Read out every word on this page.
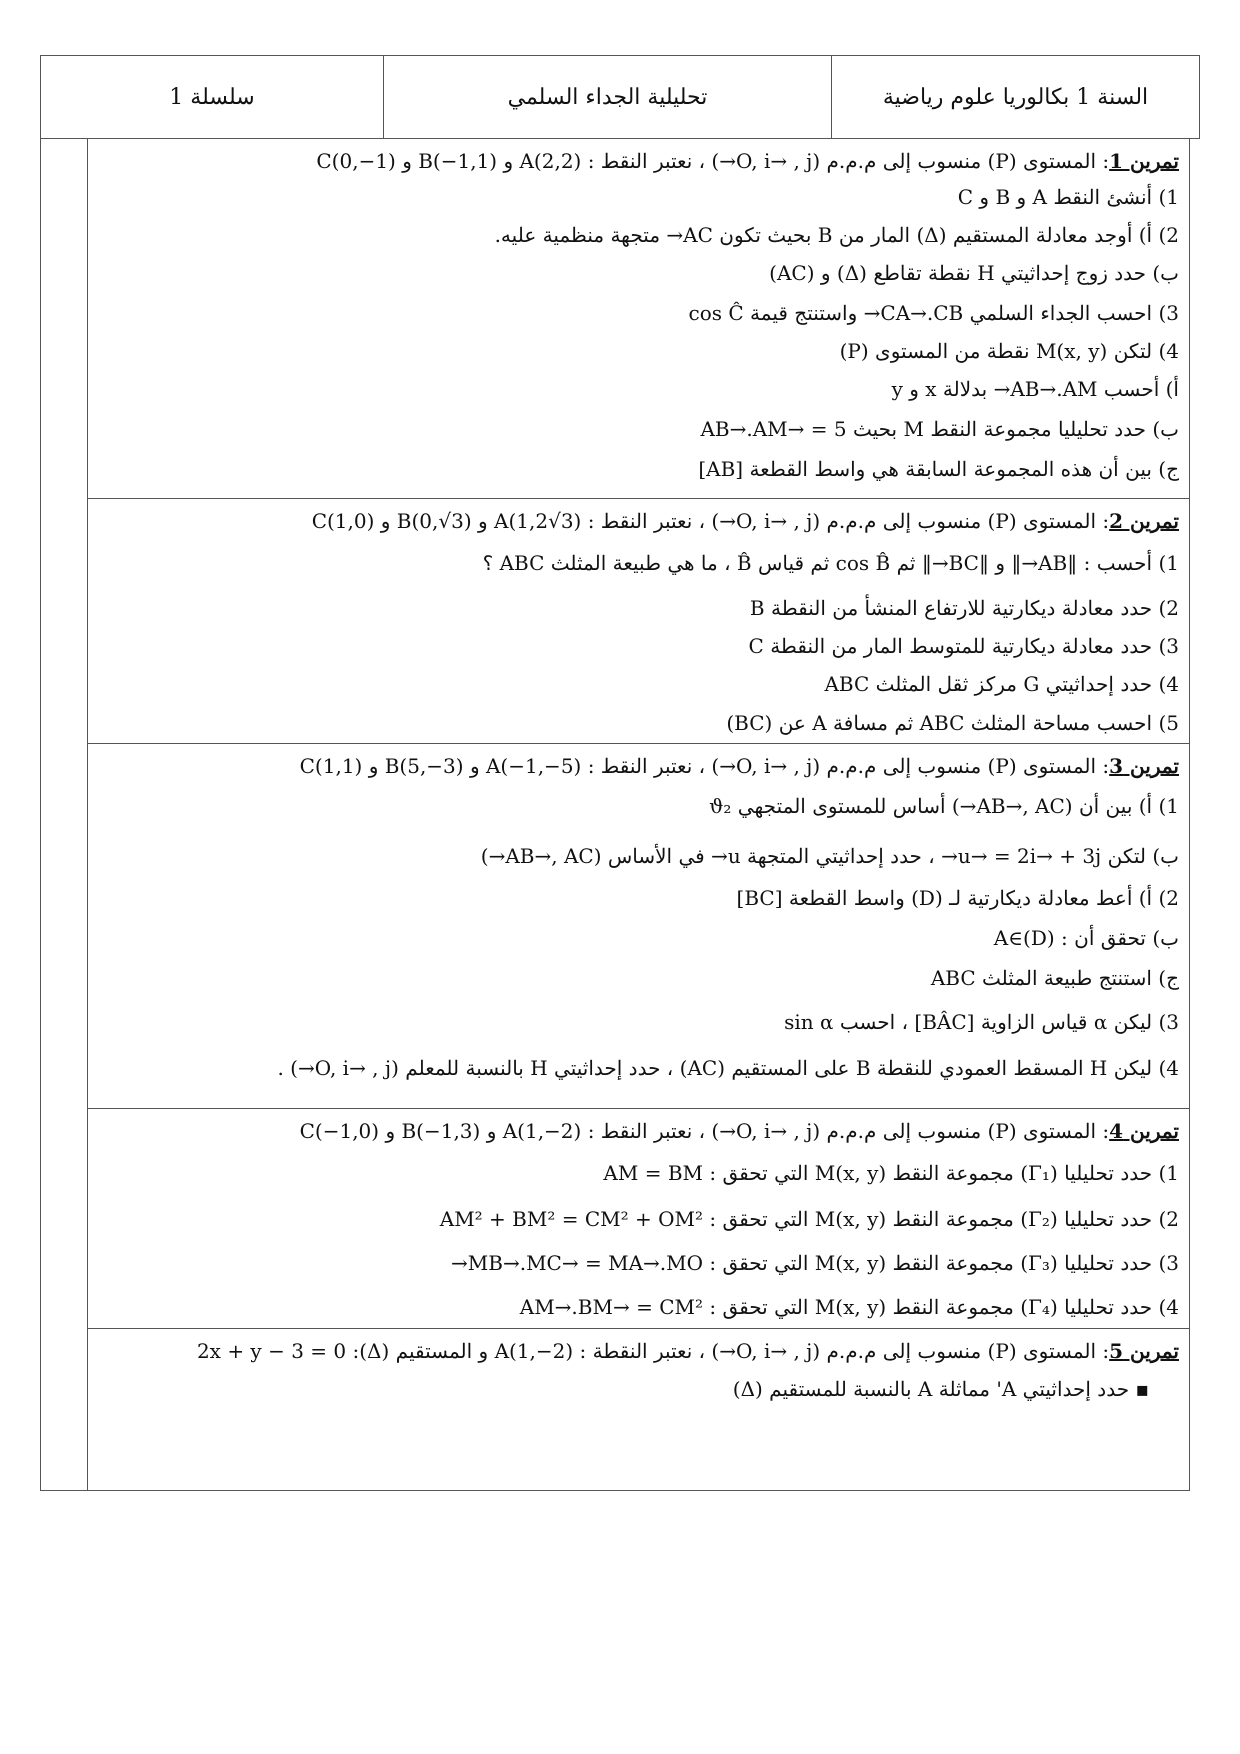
سلسلة 1	تحليلية الجداء السلمي	السنة 1 بكالوريا علوم رياضية
تمرين 1: المستوى (P) منسوب إلى م.م.م (O, i→ , j→) ، نعتبر النقط : A(2,2) و B(−1,1) و C(0,−1)
1) أنشئ النقط A و B و C
2) أ) أوجد معادلة المستقيم (Δ) المار من B بحيث تكون AC→ متجهة منظمية عليه.
ب) حدد زوج إحداثيتي H نقطة تقاطع (Δ) و (AC)
3) احسب الجداء السلمي CA→.CB→ واستنتج قيمة cos Ĉ
4) لتكن M(x, y) نقطة من المستوى (P)
أ) أحسب AB→.AM→ بدلالة x و y
ب) حدد تحليليا مجموعة النقط M بحيث AB→.AM→ = 5
ج) بين أن هذه المجموعة السابقة هي واسط القطعة [AB]
تمرين 2: المستوى (P) منسوب إلى م.م.م (O, i→ , j→) ، نعتبر النقط : A(1,2√3) و B(0,√3) و C(1,0)
1) أحسب : ‖AB→‖ و ‖BC→‖ ثم cos B̂ ثم قياس B̂ ، ما هي طبيعة المثلث ABC ؟
2) حدد معادلة ديكارتية للارتفاع المنشأ من النقطة B
3) حدد معادلة ديكارتية للمتوسط المار من النقطة C
4) حدد إحداثيتي G مركز ثقل المثلث ABC
5) احسب مساحة المثلث ABC ثم مسافة A عن (BC)
تمرين 3: المستوى (P) منسوب إلى م.م.م (O, i→ , j→) ، نعتبر النقط : A(−1,−5) و B(5,−3) و C(1,1)
1) أ) بين أن (AB→, AC→) أساس للمستوى المتجهي ϑ₂
ب) لتكن u→ = 2i→ + 3j→ ، حدد إحداثيتي المتجهة u→ في الأساس (AB→, AC→)
2) أ) أعط معادلة ديكارتية لـ (D) واسط القطعة [BC]
ب) تحقق أن : A∈(D)
ج) استنتج طبيعة المثلث ABC
3) ليكن α قياس الزاوية [BÂC] ، احسب sin α
4) ليكن H المسقط العمودي للنقطة B على المستقيم (AC) ، حدد إحداثيتي H بالنسبة للمعلم (O, i→ , j→) .
تمرين 4: المستوى (P) منسوب إلى م.م.م (O, i→ , j→) ، نعتبر النقط : A(1,−2) و B(−1,3) و C(−1,0)
1) حدد تحليليا (Γ₁) مجموعة النقط M(x, y) التي تحقق : AM = BM
2) حدد تحليليا (Γ₂) مجموعة النقط M(x, y) التي تحقق : AM² + BM² = CM² + OM²
3) حدد تحليليا (Γ₃) مجموعة النقط M(x, y) التي تحقق : MB→.MC→ = MA→.MO→
4) حدد تحليليا (Γ₄) مجموعة النقط M(x, y) التي تحقق : AM→.BM→ = CM²
تمرين 5: المستوى (P) منسوب إلى م.م.م (O, i→ , j→) ، نعتبر النقطة : A(1,−2) و المستقيم (Δ): 2x + y − 3 = 0
▪ حدد إحداثيتي A' مماثلة A بالنسبة للمستقيم (Δ)
